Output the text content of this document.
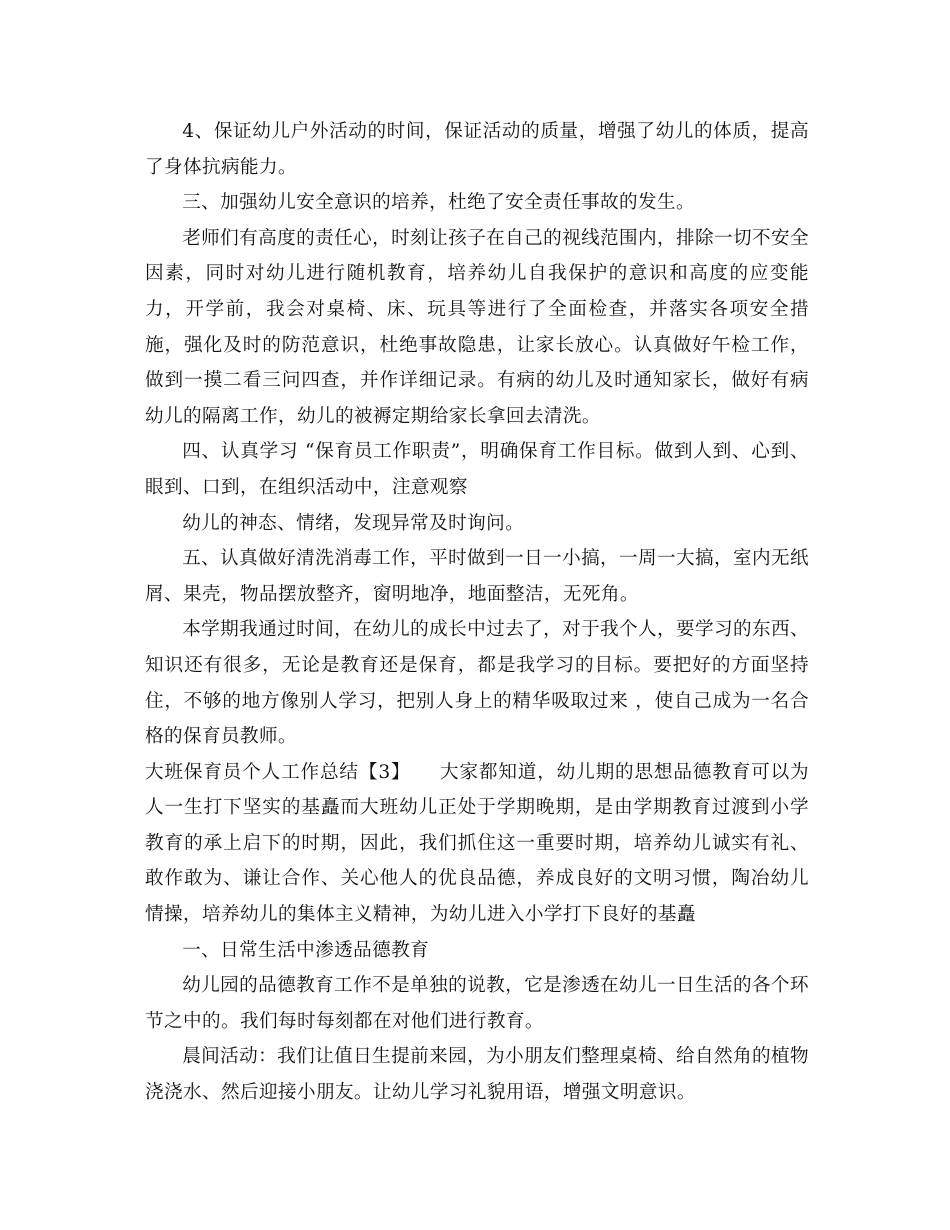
4、保证幼儿户外活动的时间，保证活动的质量，增强了幼儿的体质，提高了身体抗病能力。

三、加强幼儿安全意识的培养，杜绝了安全责任事故的发生。

老师们有高度的责任心，时刻让孩子在自己的视线范围内，排除一切不安全因素，同时对幼儿进行随机教育，培养幼儿自我保护的意识和高度的应变能力，开学前，我会对桌椅、床、玩具等进行了全面检查，并落实各项安全措施，强化及时的防范意识，杜绝事故隐患，让家长放心。认真做好午检工作，做到一摸二看三问四查，并作详细记录。有病的幼儿及时通知家长，做好有病幼儿的隔离工作，幼儿的被褥定期给家长拿回去清洗。

四、认真学习 “保育员工作职责”，明确保育工作目标。做到人到、心到、眼到、口到，在组织活动中，注意观察

幼儿的神态、情绪，发现异常及时询问。

五、认真做好清洗消毒工作，平时做到一日一小搞，一周一大搞，室内无纸屑、果壳，物品摆放整齐，窗明地净，地面整洁，无死角。

本学期我通过时间，在幼儿的成长中过去了，对于我个人，要学习的东西、知识还有很多，无论是教育还是保育，都是我学习的目标。要把好的方面坚持住，不够的地方像别人学习，把别人身上的精华吸取过来 ，使自己成为一名合格的保育员教师。

大班保育员个人工作总结【3】　　大家都知道，幼儿期的思想品德教育可以为人一生打下坚实的基矗而大班幼儿正处于学期晚期，是由学期教育过渡到小学教育的承上启下的时期，因此，我们抓住这一重要时期，培养幼儿诚实有礼、敢作敢为、谦让合作、关心他人的优良品德，养成良好的文明习惯，陶冶幼儿情操，培养幼儿的集体主义精神，为幼儿进入小学打下良好的基矗

一、日常生活中渗透品德教育

幼儿园的品德教育工作不是单独的说教，它是渗透在幼儿一日生活的各个环节之中的。我们每时每刻都在对他们进行教育。

晨间活动：我们让值日生提前来园，为小朋友们整理桌椅、给自然角的植物浇浇水、然后迎接小朋友。让幼儿学习礼貌用语，增强文明意识。
